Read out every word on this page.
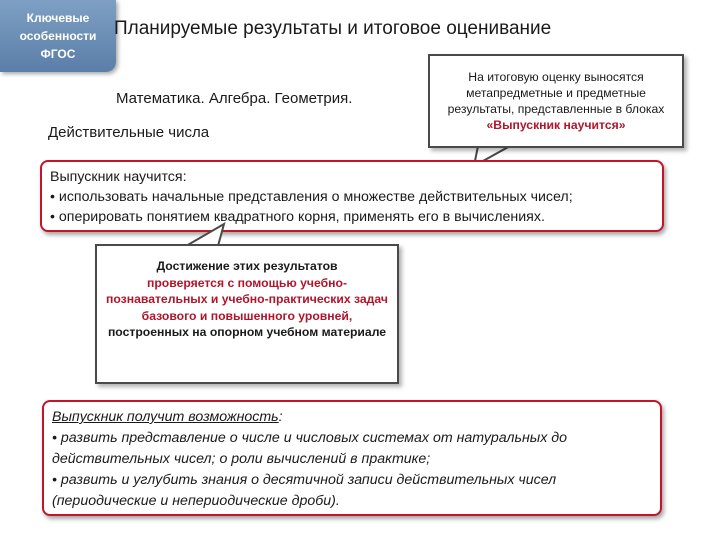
Ключевые
особенности
ФГОС
Планируемые результаты и итоговое оценивание
Математика. Алгебра. Геометрия.
Действительные числа
На итоговую оценку выносятся метапредметные и предметные результаты, представленные в блоках «Выпускник научится»
Выпускник научится:
• использовать начальные представления о множестве действительных чисел;
• оперировать понятием квадратного корня, применять его в вычислениях.
Достижение этих результатов
проверяется с помощью учебно-познавательных и учебно-практических задач базового и повышенного уровней,
построенных на опорном учебном материале
Выпускник получит возможность:
• развить представление о числе и числовых системах от натуральных до действительных чисел; о роли вычислений в практике;
• развить и углубить знания о десятичной записи действительных чисел (периодические и непериодические дроби).
